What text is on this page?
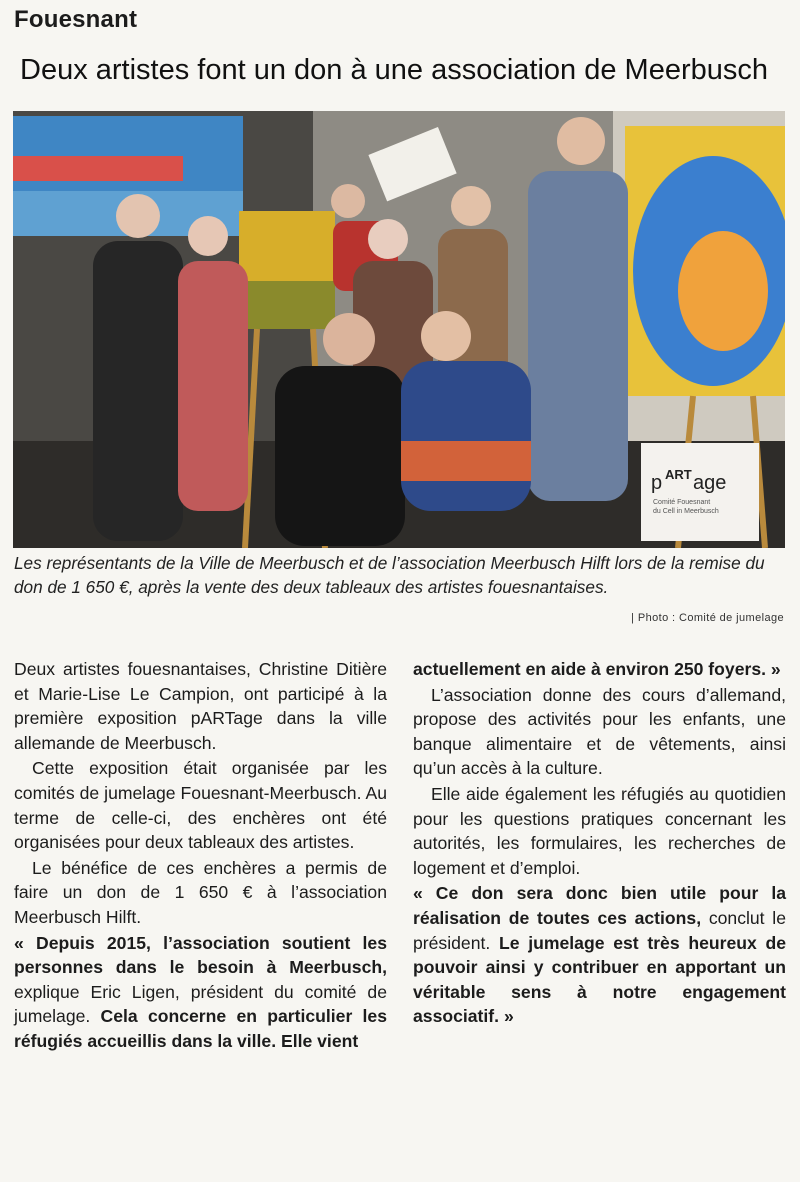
Fouesnant
Deux artistes font un don à une association de Meerbusch
p ART age
Comité Fouesnant
du Cell in Meerbusch
Les représentants de la Ville de Meerbusch et de l’association Meerbusch Hilft lors de la remise du don de 1 650 €, après la vente des deux tableaux des artistes fouesnantaises.
| Photo : Comité de jumelage

Deux artistes fouesnantaises, Christine Ditière et Marie-Lise Le Campion, ont participé à la première exposition pARTage dans la ville allemande de Meerbusch.

Cette exposition était organisée par les comités de jumelage Fouesnant-Meerbusch. Au terme de celle-ci, des enchères ont été organisées pour deux tableaux des artistes.

Le bénéfice de ces enchères a permis de faire un don de 1 650 € à l’association Meerbusch Hilft.

« Depuis 2015, l’association soutient les personnes dans le besoin à Meerbusch, explique Eric Ligen, président du comité de jumelage. Cela concerne en particulier les réfugiés accueillis dans la ville. Elle vient

actuellement en aide à environ 250 foyers. »

L’association donne des cours d’allemand, propose des activités pour les enfants, une banque alimentaire et de vêtements, ainsi qu’un accès à la culture.

Elle aide également les réfugiés au quotidien pour les questions pratiques concernant les autorités, les formulaires, les recherches de logement et d’emploi.

« Ce don sera donc bien utile pour la réalisation de toutes ces actions, conclut le président. Le jumelage est très heureux de pouvoir ainsi y contribuer en apportant un véritable sens à notre engagement associatif. »
